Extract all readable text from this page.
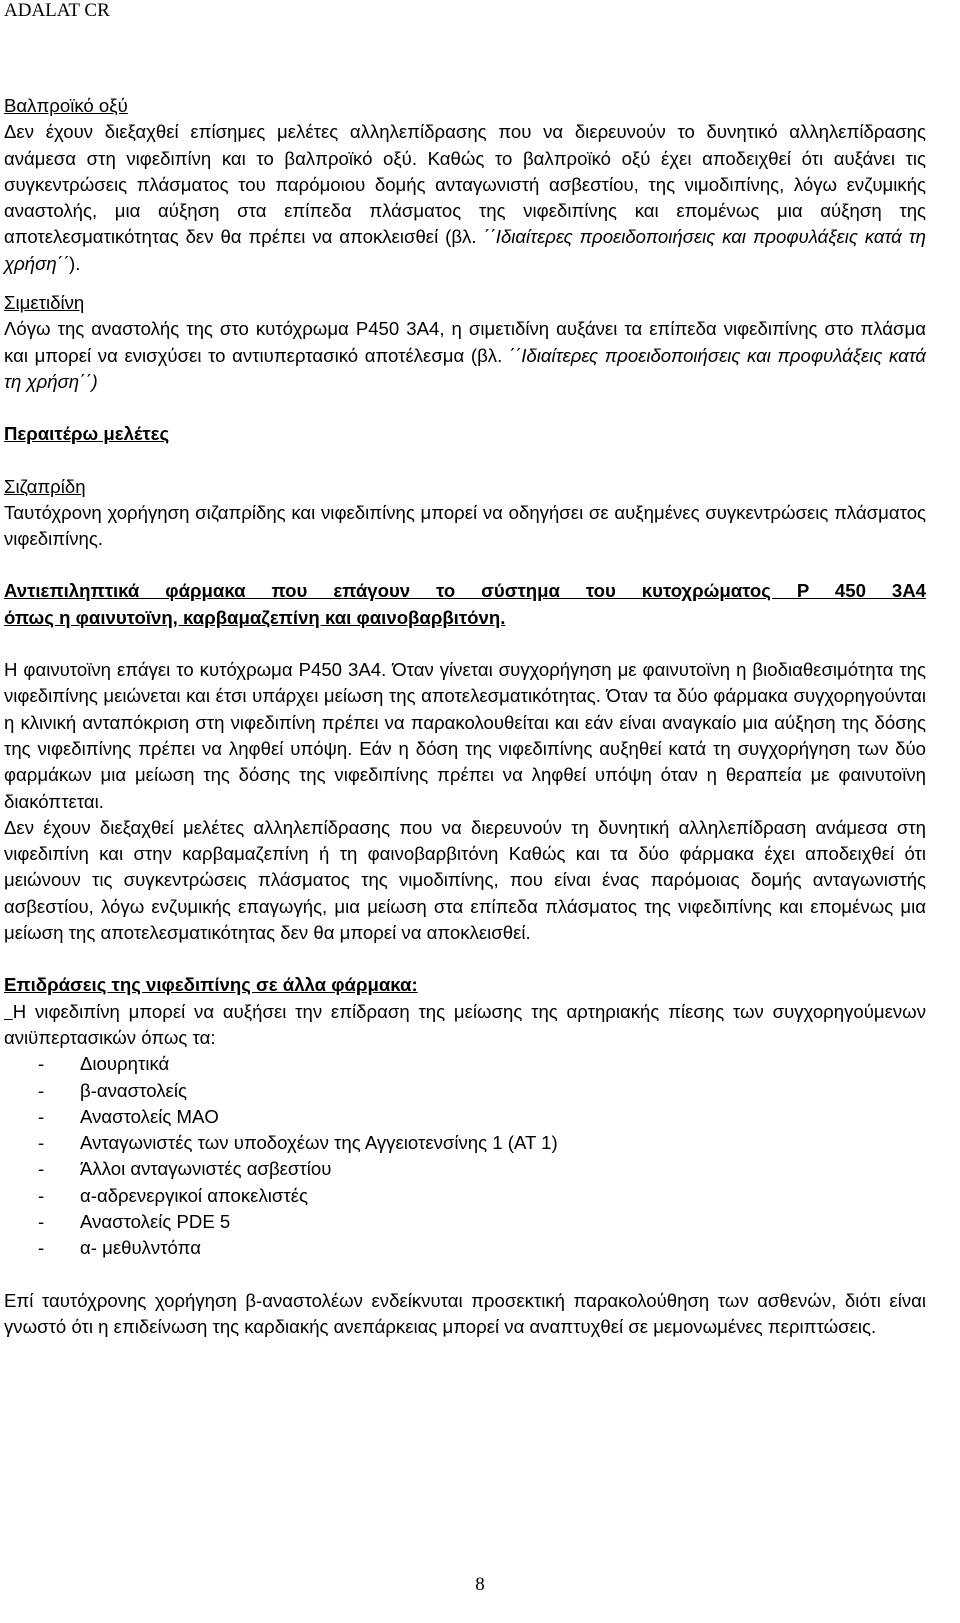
ADALAT CR

Βαλπροϊκό οξύ

Δεν έχουν διεξαχθεί επίσημες μελέτες αλληλεπίδρασης που να διερευνούν το δυνητικό αλληλεπίδρασης ανάμεσα στη νιφεδιπίνη και το βαλπροϊκό οξύ. Καθώς το βαλπροϊκό οξύ έχει αποδειχθεί ότι αυξάνει τις συγκεντρώσεις πλάσματος του παρόμοιου δομής ανταγωνιστή ασβεστίου, της νιμοδιπίνης, λόγω ενζυμικής αναστολής, μια αύξηση στα επίπεδα πλάσματος της νιφεδιπίνης και επομένως μια αύξηση της αποτελεσματικότητας δεν θα πρέπει να αποκλεισθεί (βλ. ΄΄Ιδιαίτερες προειδοποιήσεις και προφυλάξεις κατά τη χρήση΄΄).

Σιμετιδίνη

Λόγω της αναστολής της στο κυτόχρωμα P450 3A4, η σιμετιδίνη αυξάνει τα επίπεδα νιφεδιπίνης στο πλάσμα και μπορεί να ενισχύσει το αντιυπερτασικό αποτέλεσμα (βλ. ΄΄Ιδιαίτερες προειδοποιήσεις και προφυλάξεις κατά τη χρήση΄΄)

Περαιτέρω μελέτες

Σιζαπρίδη

Ταυτόχρονη χορήγηση σιζαπρίδης και νιφεδιπίνης μπορεί να οδηγήσει σε αυξημένες συγκεντρώσεις πλάσματος νιφεδιπίνης.

Αντιεπιληπτικά φάρμακα που επάγουν το σύστημα του κυτοχρώματος P 450 3A4

όπως η φαινυτοϊνη, καρβαμαζεπίνη και φαινοβαρβιτόνη.

Η φαινυτοϊνη επάγει το κυτόχρωμα P450 3A4. Όταν γίνεται συγχορήγηση με φαινυτοϊνη η βιοδιαθεσιμότητα της νιφεδιπίνης μειώνεται και έτσι υπάρχει μείωση της αποτελεσματικότητας. Όταν τα δύο φάρμακα συγχορηγούνται η κλινική ανταπόκριση στη νιφεδιπίνη πρέπει να παρακολουθείται και εάν είναι αναγκαίο μια αύξηση της δόσης της νιφεδιπίνης πρέπει να ληφθεί υπόψη. Εάν η δόση της νιφεδιπίνης αυξηθεί κατά τη συγχορήγηση των δύο φαρμάκων μια μείωση της δόσης της νιφεδιπίνης πρέπει να ληφθεί υπόψη όταν η θεραπεία με φαινυτοϊνη διακόπτεται.

Δεν έχουν διεξαχθεί μελέτες αλληλεπίδρασης που να διερευνούν τη δυνητική αλληλεπίδραση ανάμεσα στη νιφεδιπίνη και στην καρβαμαζεπίνη ή τη φαινοβαρβιτόνη Καθώς και τα δύο φάρμακα έχει αποδειχθεί ότι μειώνουν τις συγκεντρώσεις πλάσματος της νιμοδιπίνης, που είναι ένας παρόμοιας δομής ανταγωνιστής ασβεστίου, λόγω ενζυμικής επαγωγής, μια μείωση στα επίπεδα πλάσματος της νιφεδιπίνης και επομένως μια μείωση της αποτελεσματικότητας δεν θα μπορεί να αποκλεισθεί.

Επιδράσεις της νιφεδιπίνης σε άλλα φάρμακα:

Η νιφεδιπίνη μπορεί να αυξήσει την επίδραση της μείωσης της αρτηριακής πίεσης των συγχορηγούμενων ανιϋπερτασικών όπως τα:

-	Διουρητικά
-	β-αναστολείς
-	Αναστολείς MAO
-	Ανταγωνιστές των υποδοχέων της Αγγειοτενσίνης 1 (AT 1)
-	Άλλοι ανταγωνιστές ασβεστίου
-	α-αδρενεργικοί αποκελιστές
-	Αναστολείς PDE 5
-	α- μεθυλντόπα

Επί ταυτόχρονης χορήγηση β-αναστολέων ενδείκνυται προσεκτική παρακολούθηση των ασθενών, διότι είναι γνωστό ότι η επιδείνωση της καρδιακής ανεπάρκειας μπορεί να αναπτυχθεί σε μεμονωμένες περιπτώσεις.

8
